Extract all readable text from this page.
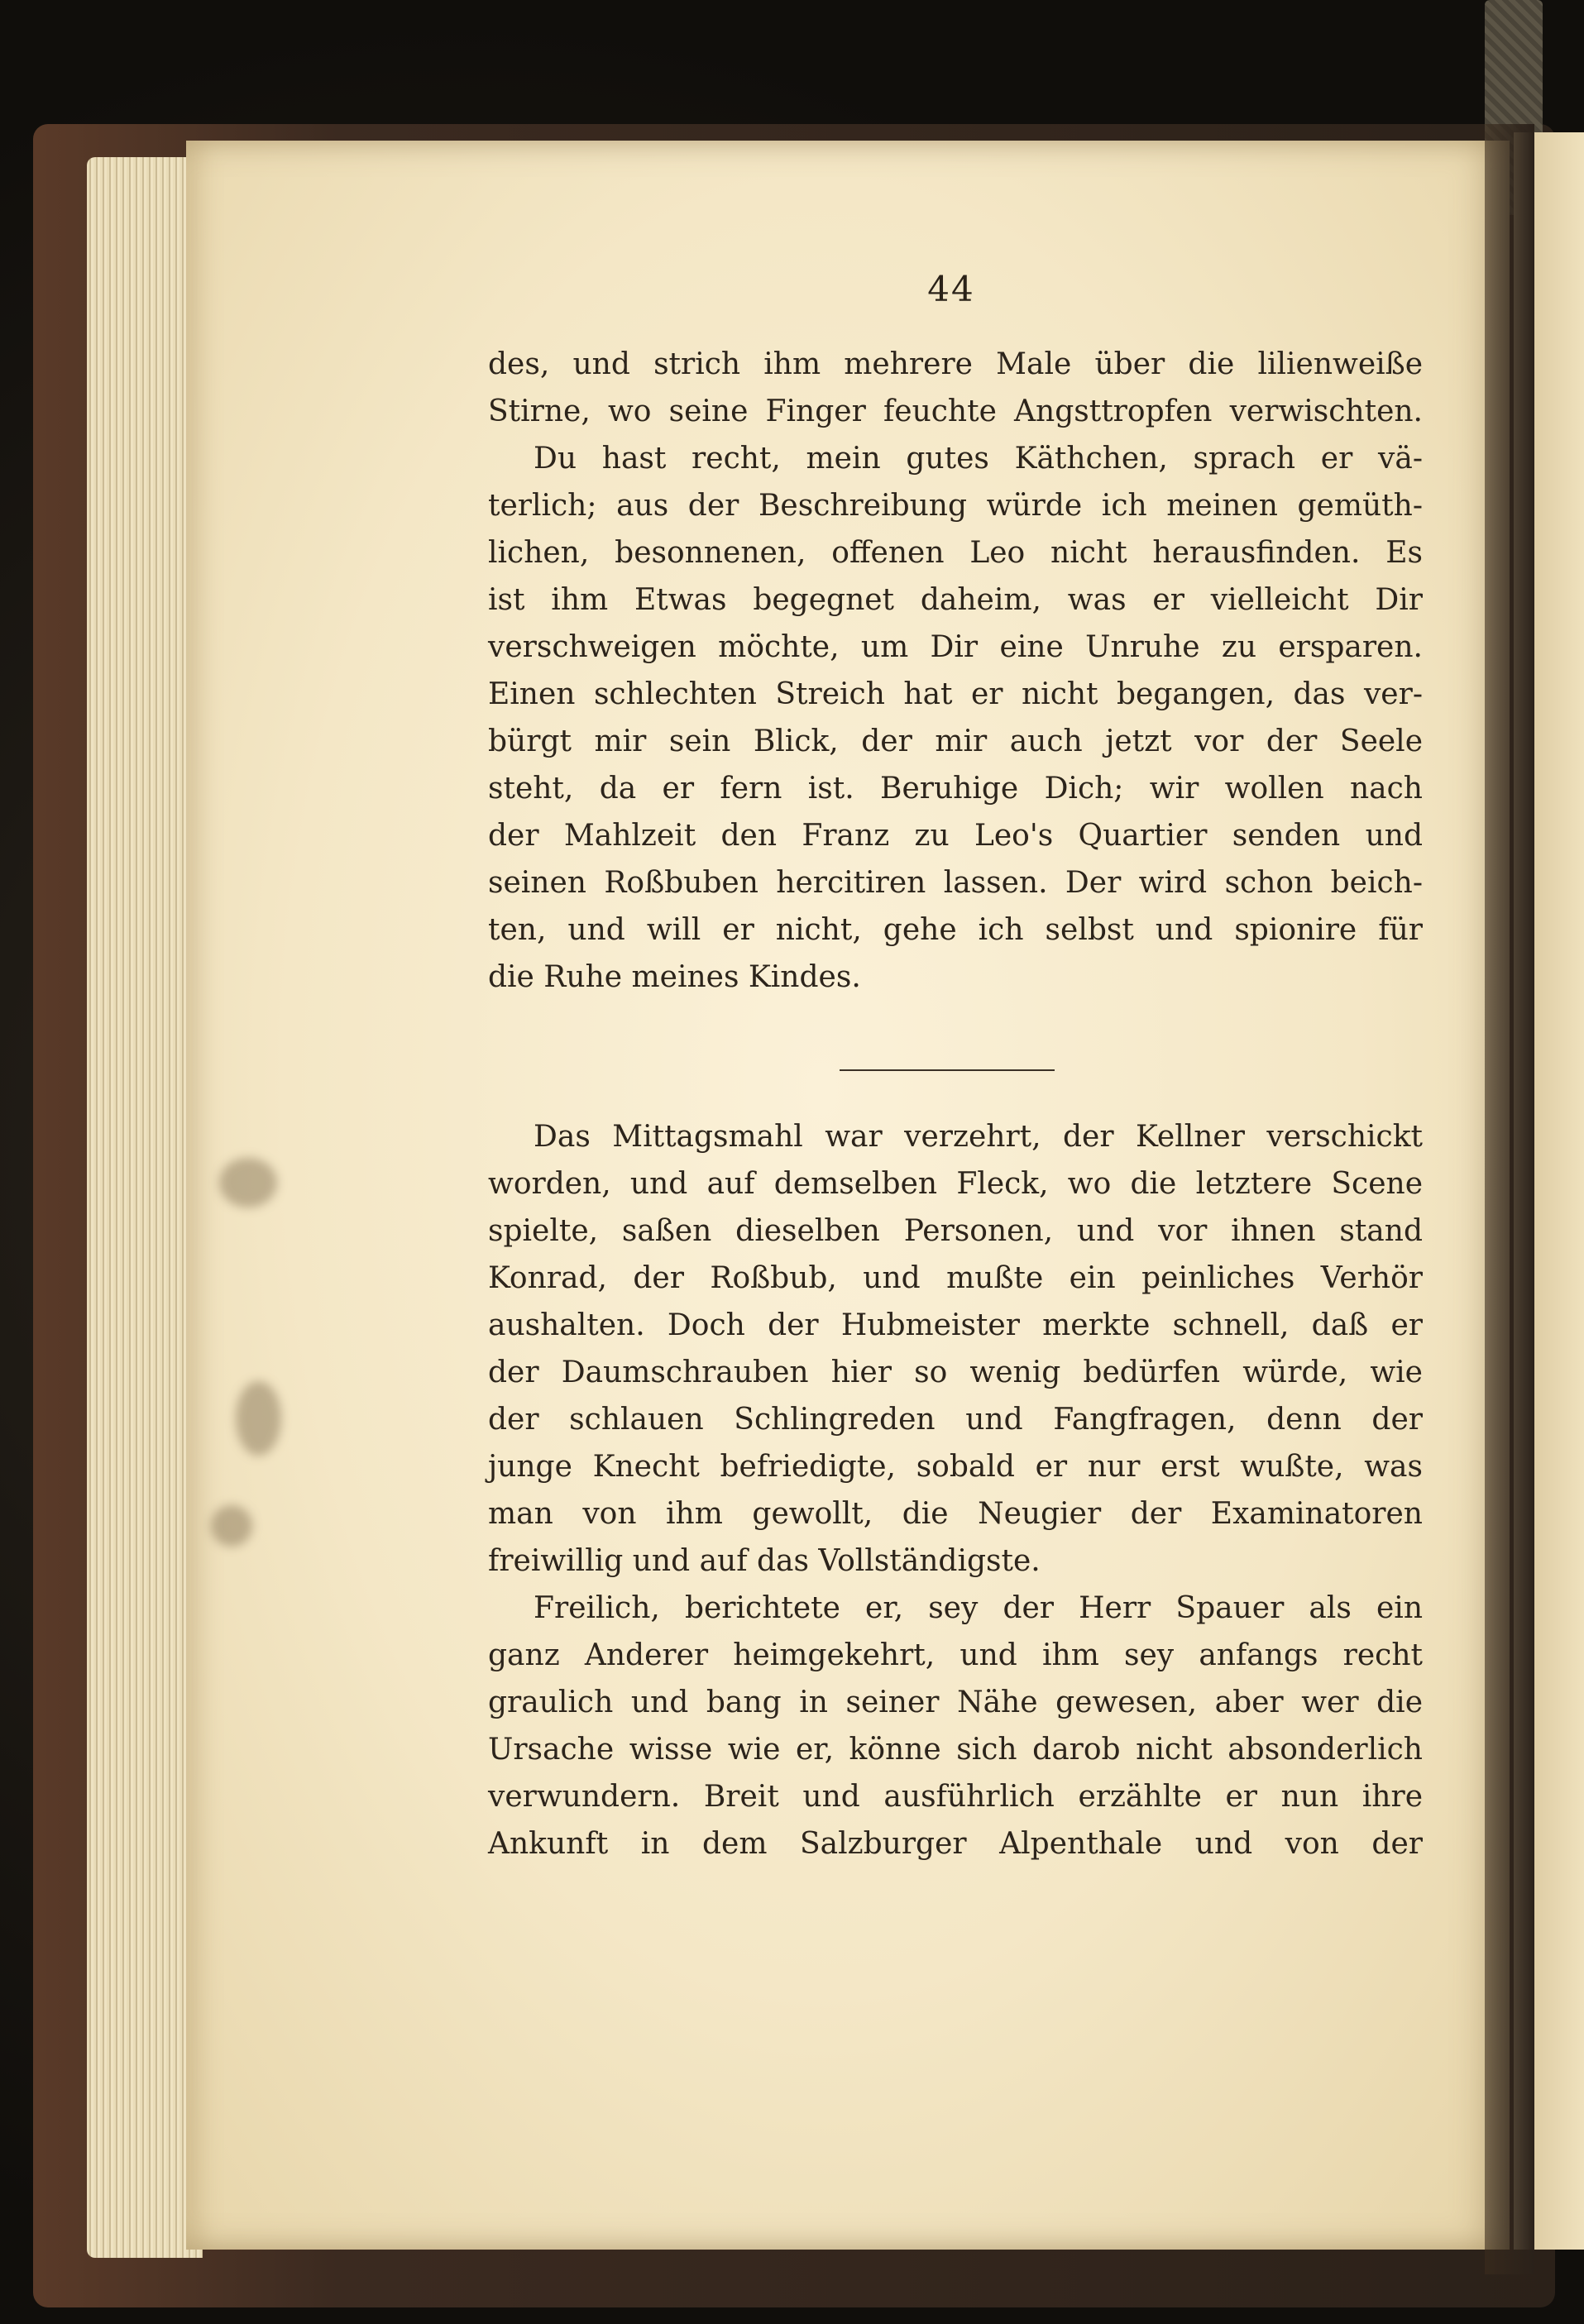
44
des, und strich ihm mehrere Male über die lilienweiße
Stirne, wo seine Finger feuchte Angsttropfen verwischten.
Du hast recht, mein gutes Käthchen, sprach er vä-
terlich; aus der Beschreibung würde ich meinen gemüth-
lichen, besonnenen, offenen Leo nicht herausfinden. Es
ist ihm Etwas begegnet daheim, was er vielleicht Dir
verschweigen möchte, um Dir eine Unruhe zu ersparen.
Einen schlechten Streich hat er nicht begangen, das ver-
bürgt mir sein Blick, der mir auch jetzt vor der Seele
steht, da er fern ist. Beruhige Dich; wir wollen nach
der Mahlzeit den Franz zu Leo's Quartier senden und
seinen Roßbuben hercitiren lassen. Der wird schon beich-
ten, und will er nicht, gehe ich selbst und spionire für
die Ruhe meines Kindes.
Das Mittagsmahl war verzehrt, der Kellner verschickt
worden, und auf demselben Fleck, wo die letztere Scene
spielte, saßen dieselben Personen, und vor ihnen stand
Konrad, der Roßbub, und mußte ein peinliches Verhör
aushalten. Doch der Hubmeister merkte schnell, daß er
der Daumschrauben hier so wenig bedürfen würde, wie
der schlauen Schlingreden und Fangfragen, denn der
junge Knecht befriedigte, sobald er nur erst wußte, was
man von ihm gewollt, die Neugier der Examinatoren
freiwillig und auf das Vollständigste.
Freilich, berichtete er, sey der Herr Spauer als ein
ganz Anderer heimgekehrt, und ihm sey anfangs recht
graulich und bang in seiner Nähe gewesen, aber wer die
Ursache wisse wie er, könne sich darob nicht absonderlich
verwundern. Breit und ausführlich erzählte er nun ihre
Ankunft in dem Salzburger Alpenthale und von der
